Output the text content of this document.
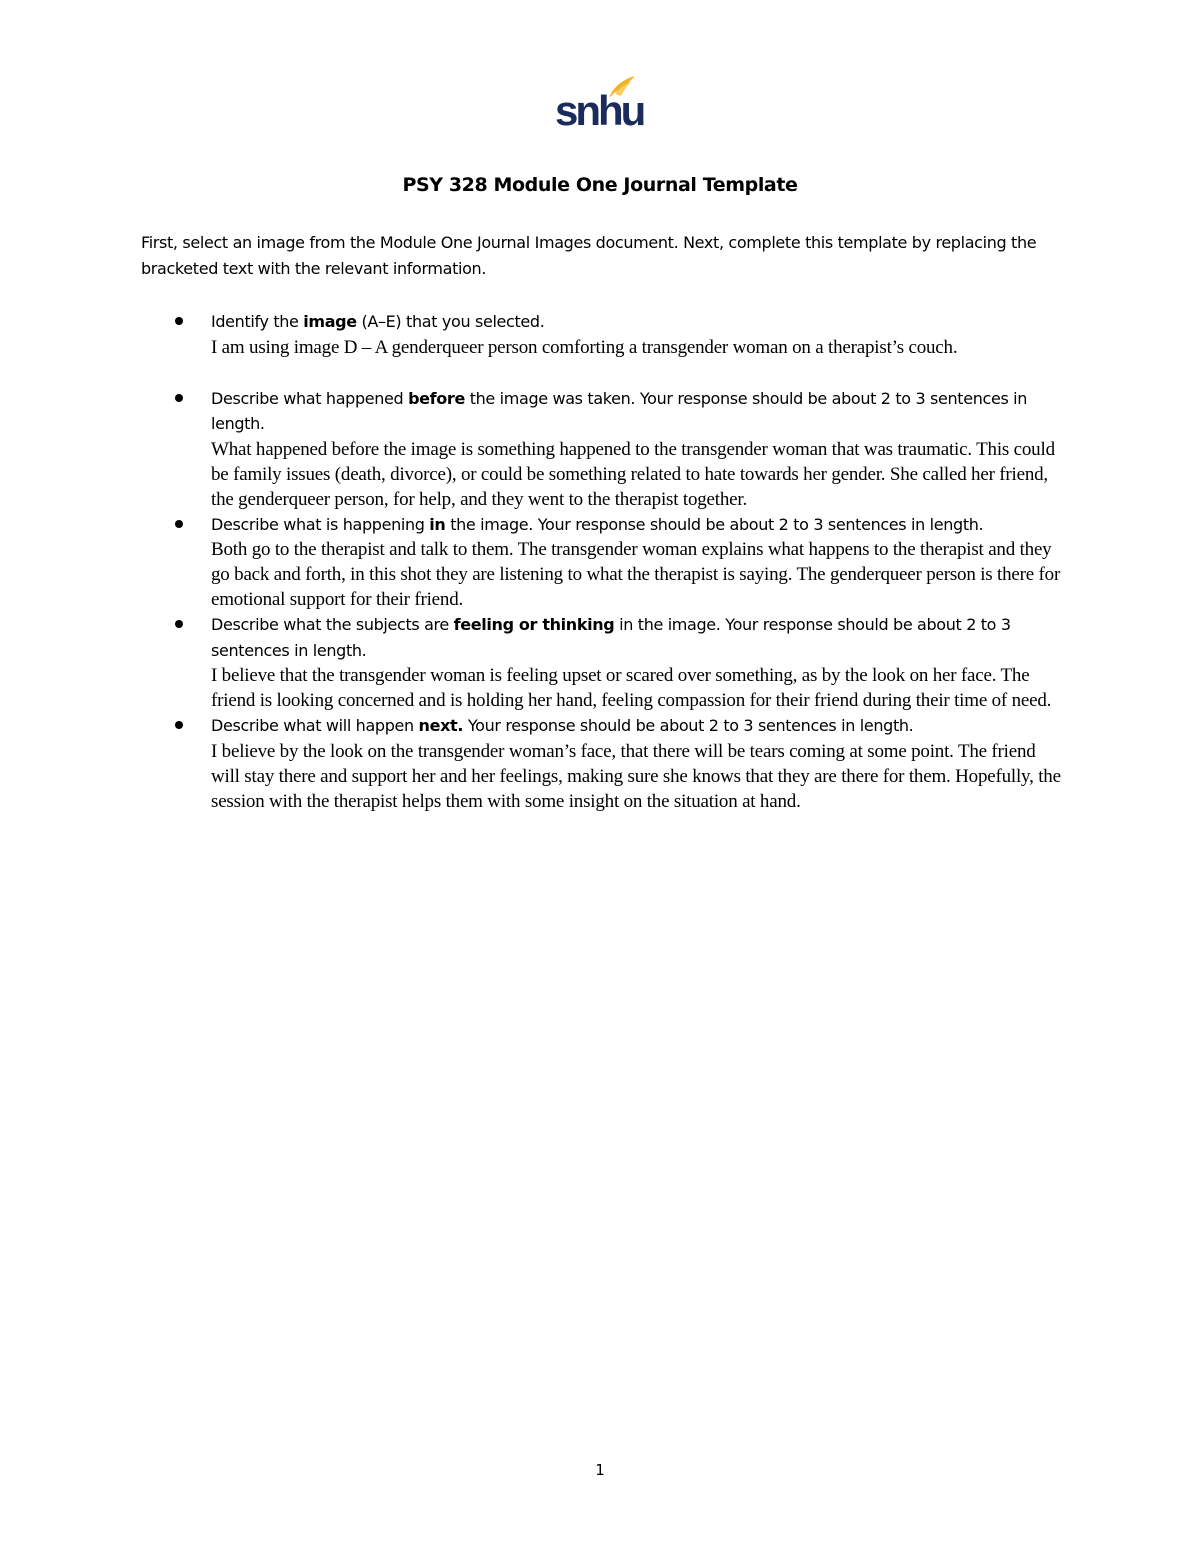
snhu
PSY 328 Module One Journal Template

First, select an image from the Module One Journal Images document. Next, complete this template by replacing the bracketed text with the relevant information.

Identify the image (A–E) that you selected.

I am using image D – A genderqueer person comforting a transgender woman on a therapist’s couch.

Describe what happened before the image was taken. Your response should be about 2 to 3 sentences in length.

What happened before the image is something happened to the transgender woman that was traumatic. This could be family issues (death, divorce), or could be something related to hate towards her gender. She called her friend, the genderqueer person, for help, and they went to the therapist together.

Describe what is happening in the image. Your response should be about 2 to 3 sentences in length.

Both go to the therapist and talk to them. The transgender woman explains what happens to the therapist and they go back and forth, in this shot they are listening to what the therapist is saying. The genderqueer person is there for emotional support for their friend.

Describe what the subjects are feeling or thinking in the image. Your response should be about 2 to 3 sentences in length.

I believe that the transgender woman is feeling upset or scared over something, as by the look on her face. The friend is looking concerned and is holding her hand, feeling compassion for their friend during their time of need.

Describe what will happen next. Your response should be about 2 to 3 sentences in length.

I believe by the look on the transgender woman’s face, that there will be tears coming at some point. The friend will stay there and support her and her feelings, making sure she knows that they are there for them. Hopefully, the session with the therapist helps them with some insight on the situation at hand.

1
